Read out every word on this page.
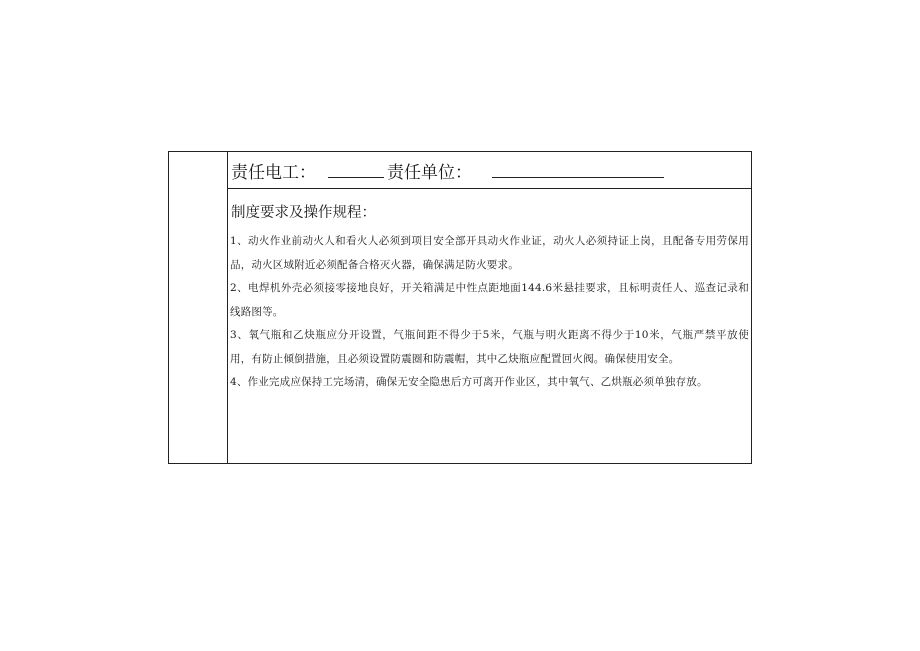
责任电工：	责任单位：
制度要求及操作规程：

1、动火作业前动火人和看火人必须到项目安全部开具动火作业证，动火人必须持证上岗，且配备专用劳保用品，动火区域附近必须配备合格灭火器，确保满足防火要求。

2、电焊机外壳必须接零接地良好，开关箱满足中性点距地面144.6米悬挂要求，且标明责任人、巡查记录和线路图等。

3、氧气瓶和乙炔瓶应分开设置，气瓶间距不得少于5米，气瓶与明火距离不得少于10米，气瓶严禁平放使用，有防止倾倒措施，且必须设置防震圈和防震帽，其中乙炔瓶应配置回火阀。确保使用安全。

4、作业完成应保持工完场清，确保无安全隐患后方可离开作业区，其中氧气、乙烘瓶必须单独存放。
